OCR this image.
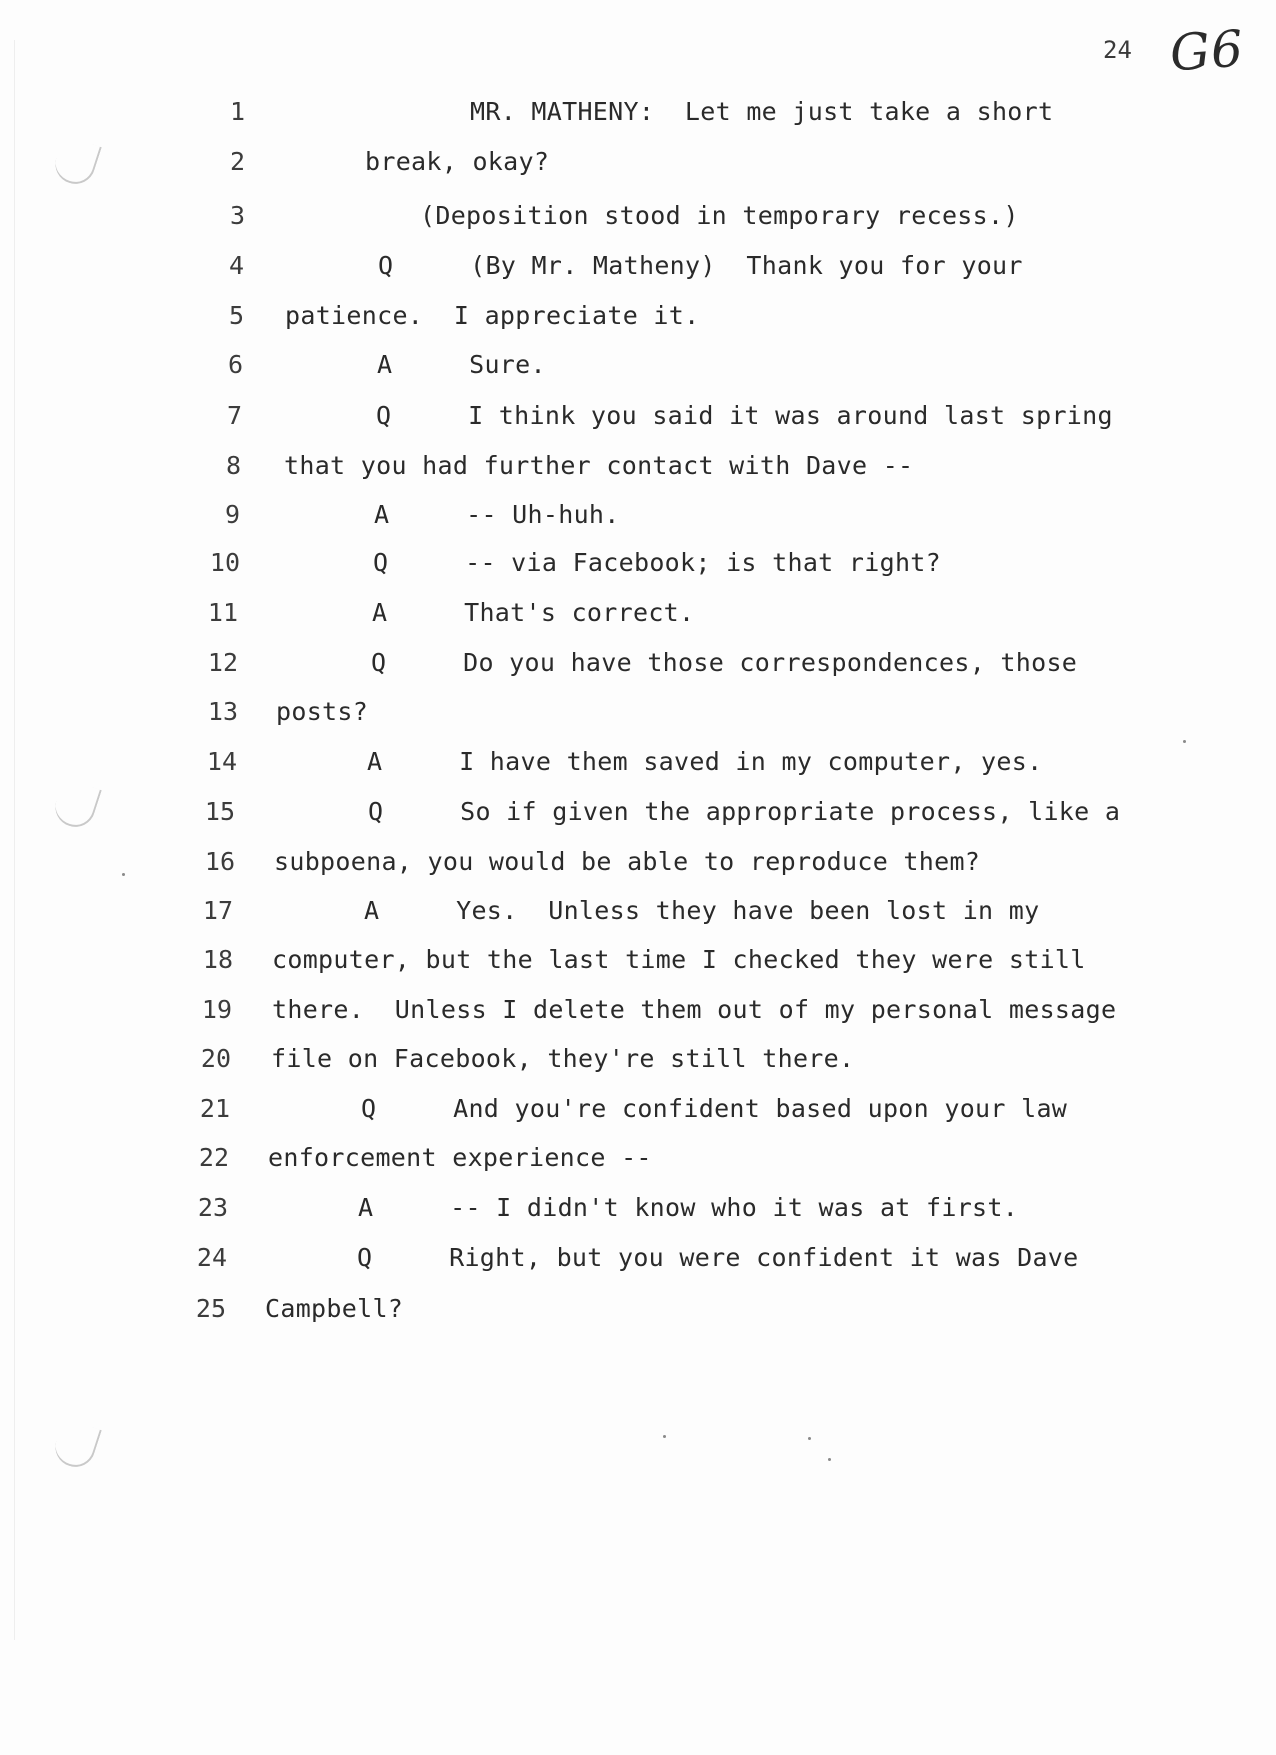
24 G6
1	MR. MATHENY:  Let me just take a short
2	break, okay?
3	(Deposition stood in temporary recess.)
4	Q     (By Mr. Matheny)  Thank you for your
5 patience.  I appreciate it.
6	A     Sure.
7	Q     I think you said it was around last spring
8 that you had further contact with Dave --
9	A     -- Uh-huh.
10	Q     -- via Facebook; is that right?
11	A     That's correct.
12	Q     Do you have those correspondences, those
13 posts?
14	A     I have them saved in my computer, yes.
15	Q     So if given the appropriate process, like a
16 subpoena, you would be able to reproduce them?
17	A     Yes.  Unless they have been lost in my
18 computer, but the last time I checked they were still
19 there.  Unless I delete them out of my personal message
20 file on Facebook, they're still there.
21	Q     And you're confident based upon your law
22 enforcement experience --
23	A     -- I didn't know who it was at first.
24	Q     Right, but you were confident it was Dave
25 Campbell?
